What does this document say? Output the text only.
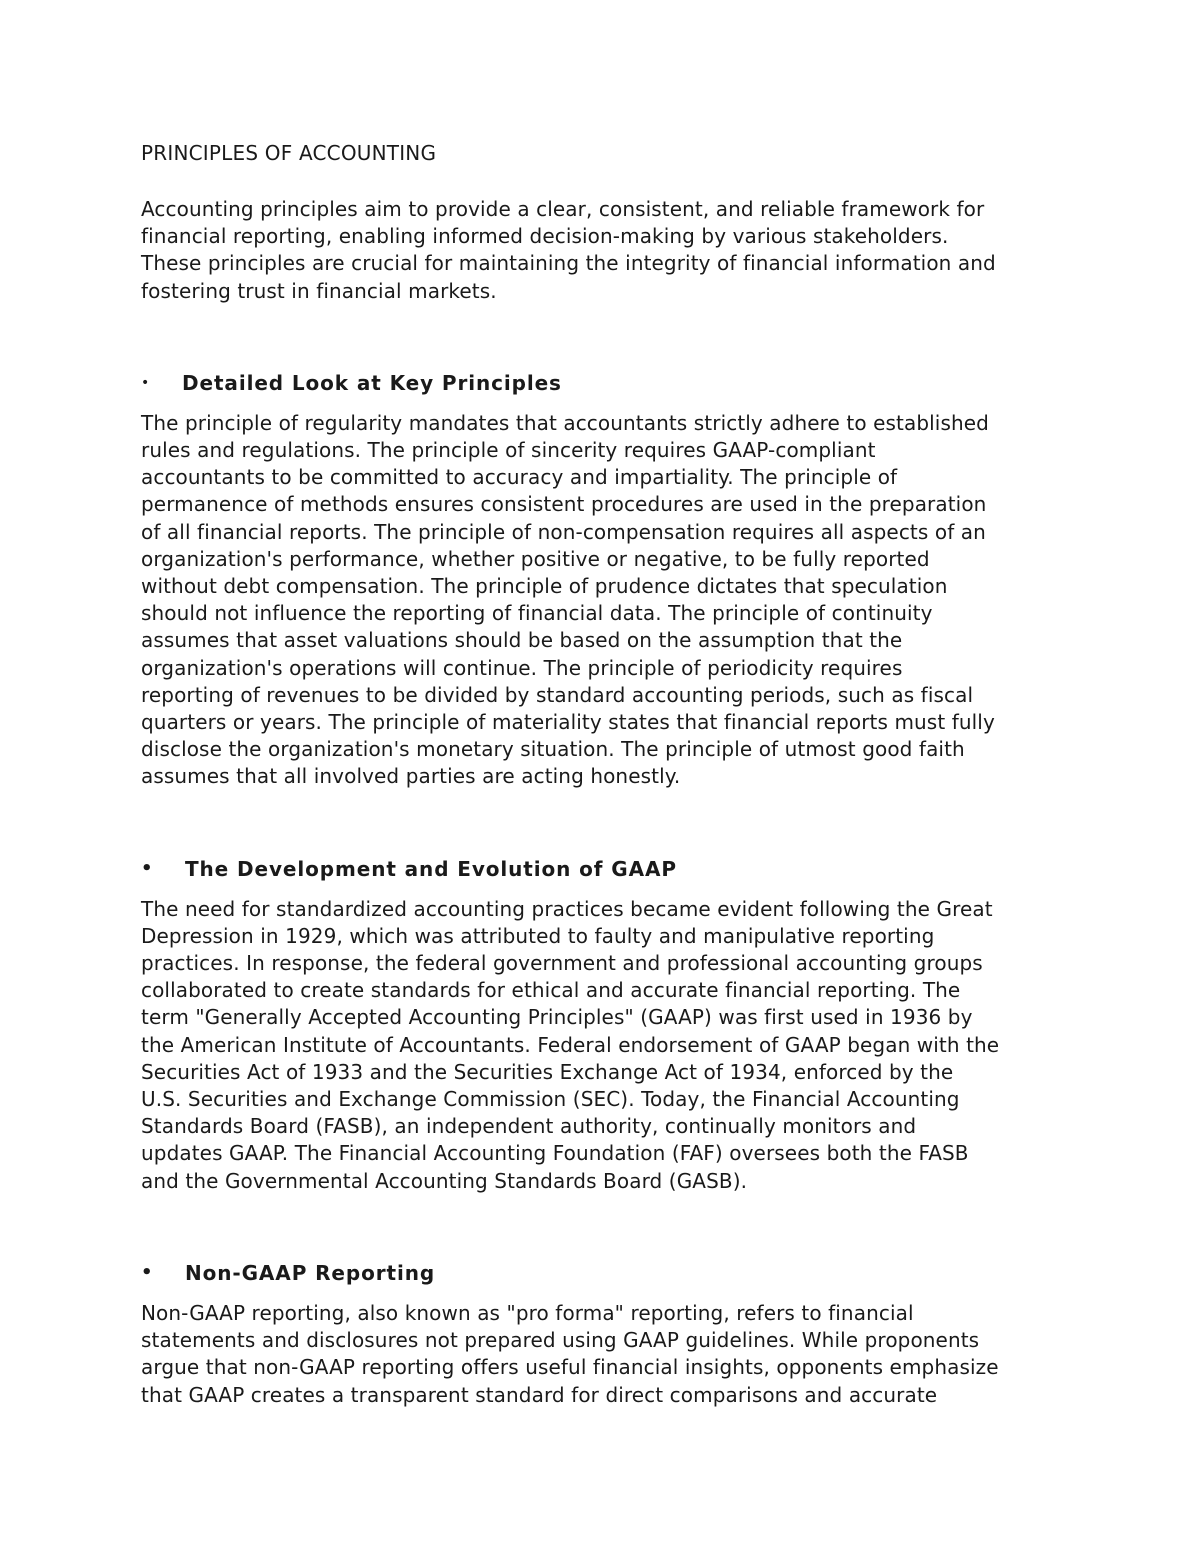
PRINCIPLES OF ACCOUNTING

Accounting principles aim to provide a clear, consistent, and reliable framework for
financial reporting, enabling informed decision-making by various stakeholders.
These principles are crucial for maintaining the integrity of financial information and
fostering trust in financial markets.

•	Detailed Look at Key Principles

The principle of regularity mandates that accountants strictly adhere to established
rules and regulations. The principle of sincerity requires GAAP-compliant
accountants to be committed to accuracy and impartiality. The principle of
permanence of methods ensures consistent procedures are used in the preparation
of all financial reports. The principle of non-compensation requires all aspects of an
organization's performance, whether positive or negative, to be fully reported
without debt compensation. The principle of prudence dictates that speculation
should not influence the reporting of financial data. The principle of continuity
assumes that asset valuations should be based on the assumption that the
organization's operations will continue. The principle of periodicity requires
reporting of revenues to be divided by standard accounting periods, such as fiscal
quarters or years. The principle of materiality states that financial reports must fully
disclose the organization's monetary situation. The principle of utmost good faith
assumes that all involved parties are acting honestly.

•	The Development and Evolution of GAAP

The need for standardized accounting practices became evident following the Great
Depression in 1929, which was attributed to faulty and manipulative reporting
practices. In response, the federal government and professional accounting groups
collaborated to create standards for ethical and accurate financial reporting. The
term "Generally Accepted Accounting Principles" (GAAP) was first used in 1936 by
the American Institute of Accountants. Federal endorsement of GAAP began with the
Securities Act of 1933 and the Securities Exchange Act of 1934, enforced by the
U.S. Securities and Exchange Commission (SEC). Today, the Financial Accounting
Standards Board (FASB), an independent authority, continually monitors and
updates GAAP. The Financial Accounting Foundation (FAF) oversees both the FASB
and the Governmental Accounting Standards Board (GASB).

•	Non-GAAP Reporting

Non-GAAP reporting, also known as "pro forma" reporting, refers to financial
statements and disclosures not prepared using GAAP guidelines. While proponents
argue that non-GAAP reporting offers useful financial insights, opponents emphasize
that GAAP creates a transparent standard for direct comparisons and accurate
